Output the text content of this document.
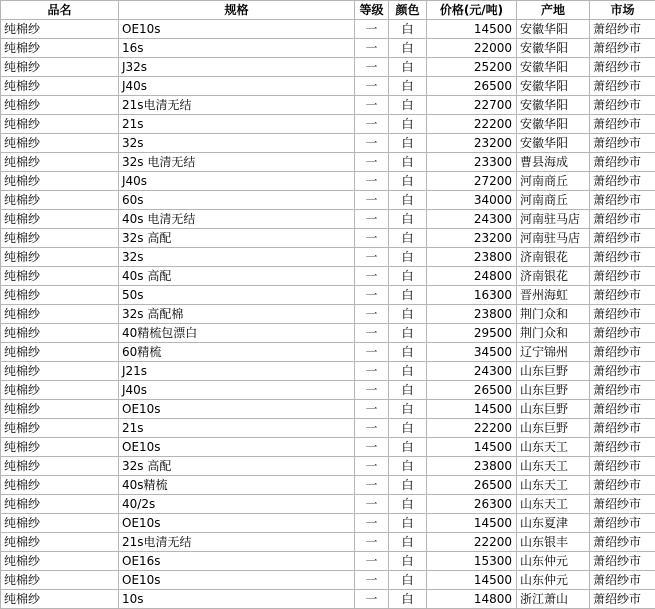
品名	规格	等级	颜色	价格(元/吨)	产地	市场
纯棉纱	OE10s	一	白	14500	安徽华阳	萧绍纱市
纯棉纱	16s	一	白	22000	安徽华阳	萧绍纱市
纯棉纱	J32s	一	白	25200	安徽华阳	萧绍纱市
纯棉纱	J40s	一	白	26500	安徽华阳	萧绍纱市
纯棉纱	21s电清无结	一	白	22700	安徽华阳	萧绍纱市
纯棉纱	21s	一	白	22200	安徽华阳	萧绍纱市
纯棉纱	32s	一	白	23200	安徽华阳	萧绍纱市
纯棉纱	32s 电清无结	一	白	23300	曹县海成	萧绍纱市
纯棉纱	J40s	一	白	27200	河南商丘	萧绍纱市
纯棉纱	60s	一	白	34000	河南商丘	萧绍纱市
纯棉纱	40s 电清无结	一	白	24300	河南驻马店	萧绍纱市
纯棉纱	32s 高配	一	白	23200	河南驻马店	萧绍纱市
纯棉纱	32s	一	白	23800	济南银花	萧绍纱市
纯棉纱	40s 高配	一	白	24800	济南银花	萧绍纱市
纯棉纱	50s	一	白	16300	晋州海虹	萧绍纱市
纯棉纱	32s 高配棉	一	白	23800	荆门众和	萧绍纱市
纯棉纱	40精梳包漂白	一	白	29500	荆门众和	萧绍纱市
纯棉纱	60精梳	一	白	34500	辽宁锦州	萧绍纱市
纯棉纱	J21s	一	白	24300	山东巨野	萧绍纱市
纯棉纱	J40s	一	白	26500	山东巨野	萧绍纱市
纯棉纱	OE10s	一	白	14500	山东巨野	萧绍纱市
纯棉纱	21s	一	白	22200	山东巨野	萧绍纱市
纯棉纱	OE10s	一	白	14500	山东天工	萧绍纱市
纯棉纱	32s 高配	一	白	23800	山东天工	萧绍纱市
纯棉纱	40s精梳	一	白	26500	山东天工	萧绍纱市
纯棉纱	40/2s	一	白	26300	山东天工	萧绍纱市
纯棉纱	OE10s	一	白	14500	山东夏津	萧绍纱市
纯棉纱	21s电清无结	一	白	22200	山东银丰	萧绍纱市
纯棉纱	OE16s	一	白	15300	山东仲元	萧绍纱市
纯棉纱	OE10s	一	白	14500	山东仲元	萧绍纱市
纯棉纱	10s	一	白	14800	浙江萧山	萧绍纱市
